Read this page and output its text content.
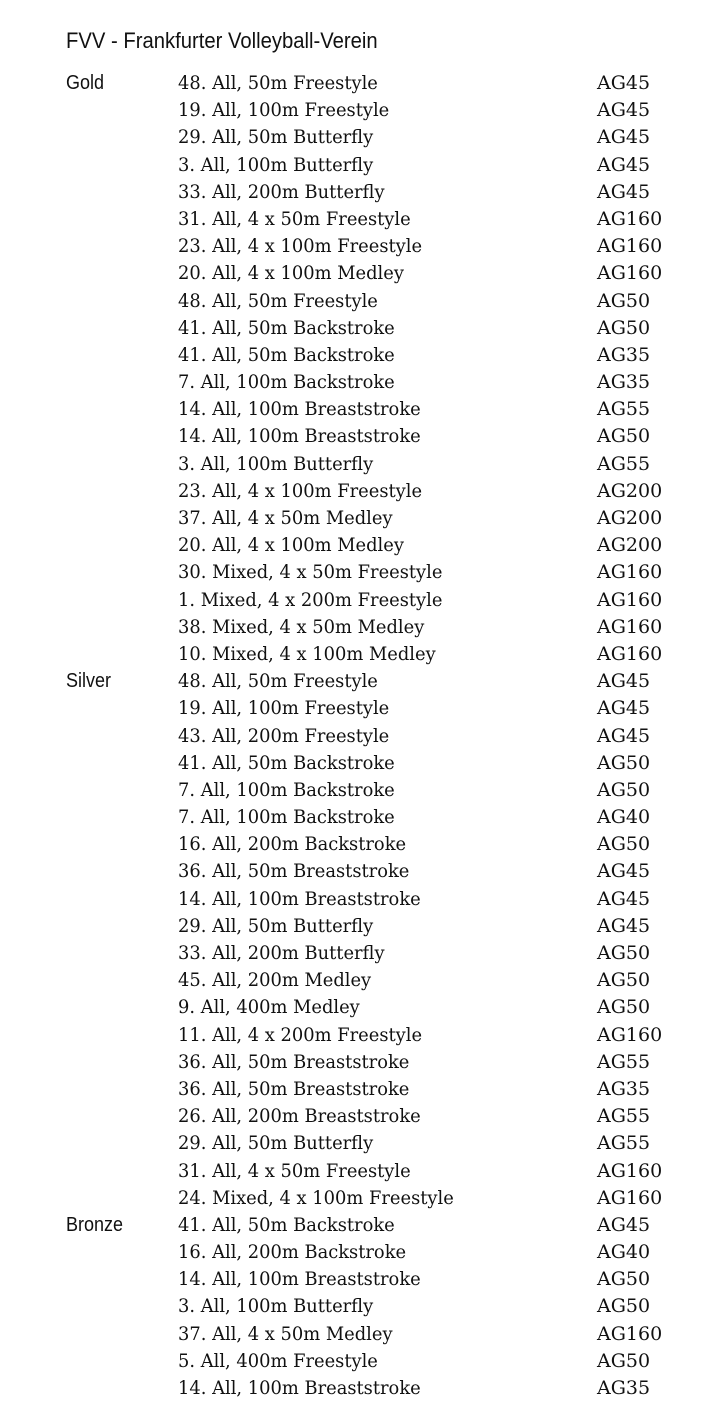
FVV - Frankfurter Volleyball-Verein
Gold	48. All, 50m Freestyle	AG45
19. All, 100m Freestyle	AG45
29. All, 50m Butterfly	AG45
3. All, 100m Butterfly	AG45
33. All, 200m Butterfly	AG45
31. All, 4 x 50m Freestyle	AG160
23. All, 4 x 100m Freestyle	AG160
20. All, 4 x 100m Medley	AG160
48. All, 50m Freestyle	AG50
41. All, 50m Backstroke	AG50
41. All, 50m Backstroke	AG35
7. All, 100m Backstroke	AG35
14. All, 100m Breaststroke	AG55
14. All, 100m Breaststroke	AG50
3. All, 100m Butterfly	AG55
23. All, 4 x 100m Freestyle	AG200
37. All, 4 x 50m Medley	AG200
20. All, 4 x 100m Medley	AG200
30. Mixed, 4 x 50m Freestyle	AG160
1. Mixed, 4 x 200m Freestyle	AG160
38. Mixed, 4 x 50m Medley	AG160
10. Mixed, 4 x 100m Medley	AG160
Silver	48. All, 50m Freestyle	AG45
19. All, 100m Freestyle	AG45
43. All, 200m Freestyle	AG45
41. All, 50m Backstroke	AG50
7. All, 100m Backstroke	AG50
7. All, 100m Backstroke	AG40
16. All, 200m Backstroke	AG50
36. All, 50m Breaststroke	AG45
14. All, 100m Breaststroke	AG45
29. All, 50m Butterfly	AG45
33. All, 200m Butterfly	AG50
45. All, 200m Medley	AG50
9. All, 400m Medley	AG50
11. All, 4 x 200m Freestyle	AG160
36. All, 50m Breaststroke	AG55
36. All, 50m Breaststroke	AG35
26. All, 200m Breaststroke	AG55
29. All, 50m Butterfly	AG55
31. All, 4 x 50m Freestyle	AG160
24. Mixed, 4 x 100m Freestyle	AG160
Bronze	41. All, 50m Backstroke	AG45
16. All, 200m Backstroke	AG40
14. All, 100m Breaststroke	AG50
3. All, 100m Butterfly	AG50
37. All, 4 x 50m Medley	AG160
5. All, 400m Freestyle	AG50
14. All, 100m Breaststroke	AG35
